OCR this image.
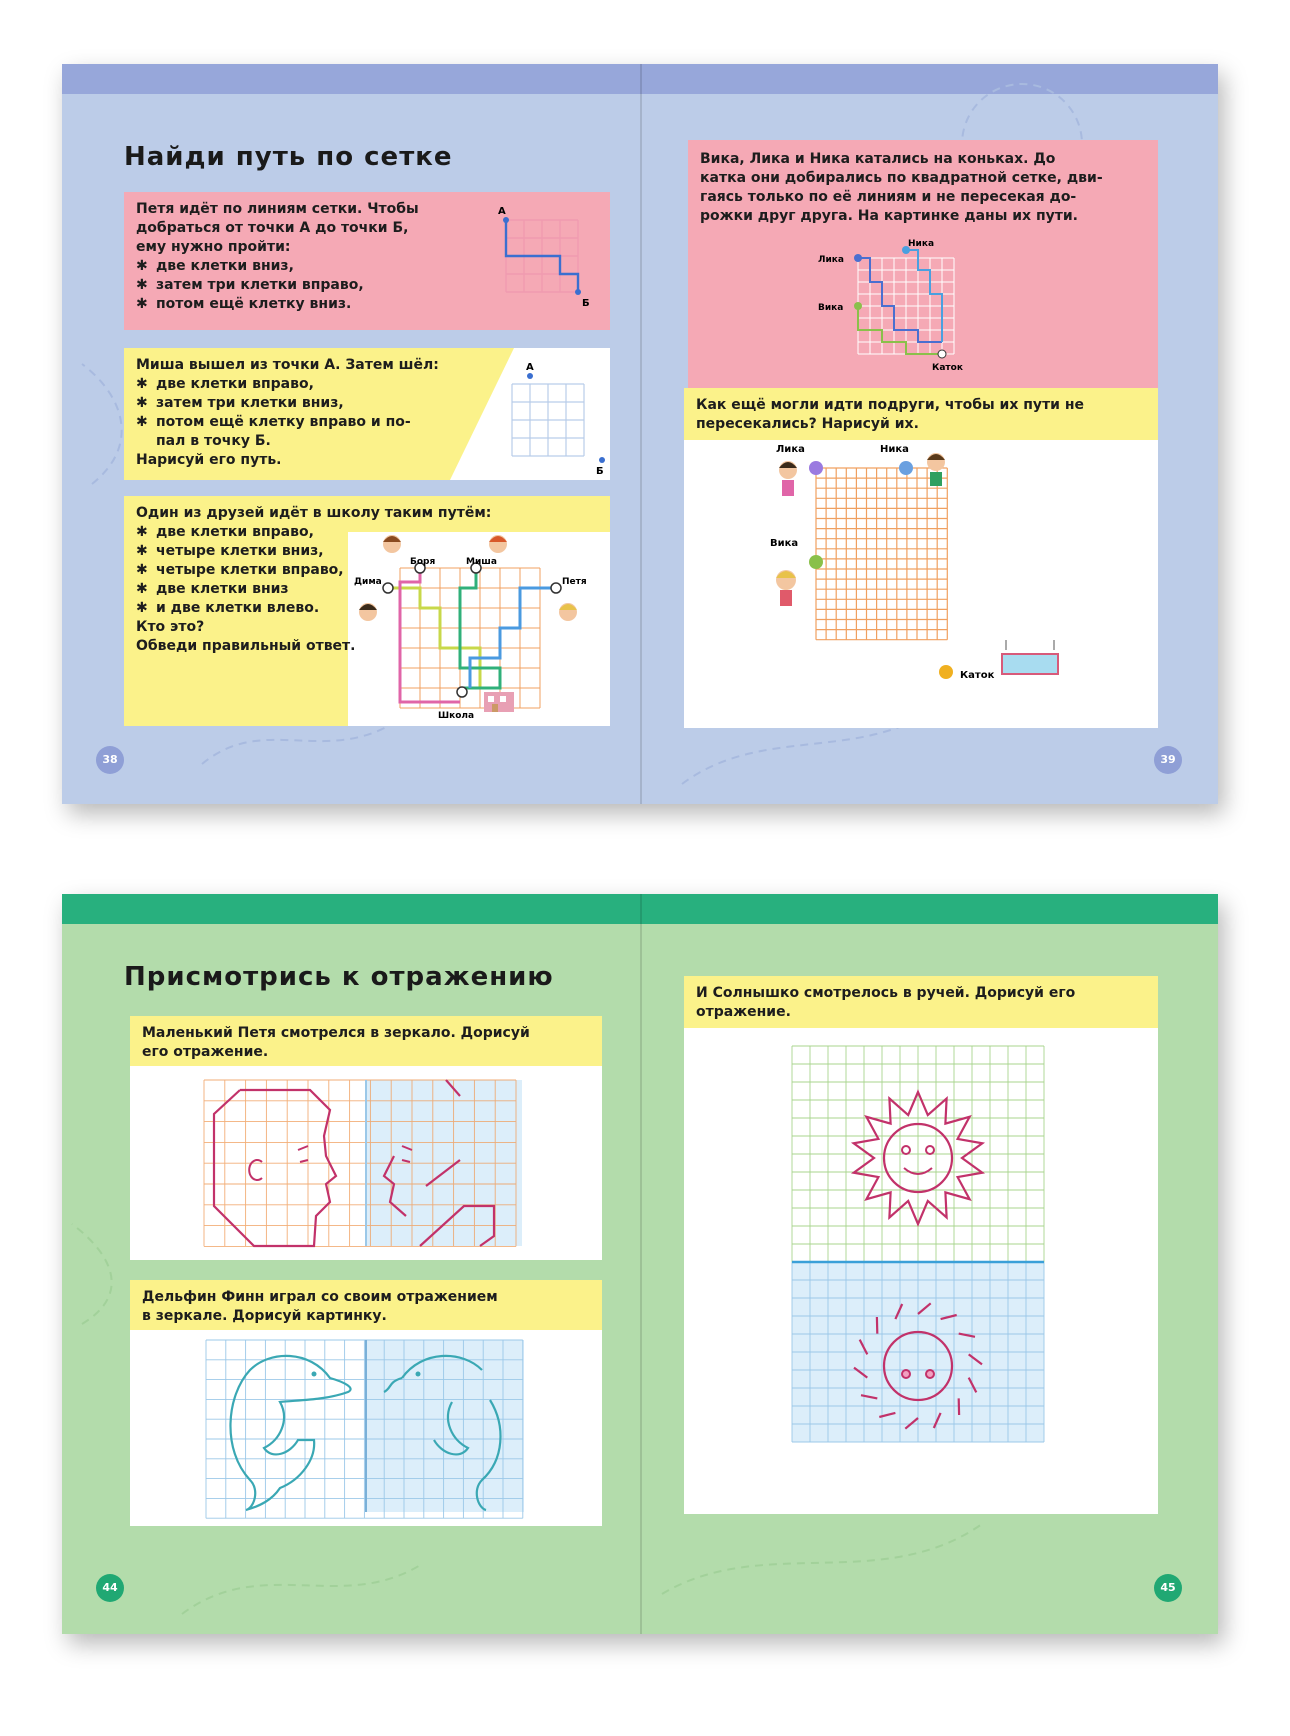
Найди путь по сетке
Петя идёт по линиям сетки. Чтобы
добраться от точки А до точки Б,
ему нужно пройти:
✱ две клетки вниз,
✱ затем три клетки вправо,
✱ потом ещё клетку вниз.
А
Б
Миша вышел из точки А. Затем шёл:
✱ две клетки вправо,
✱ затем три клетки вниз,
✱ потом ещё клетку вправо и по-
пал в точку Б.
Нарисуй его путь.
А
Б
Один из друзей идёт в школу таким путём:
✱ две клетки вправо,
✱ четыре клетки вниз,
✱ четыре клетки вправо,
✱ две клетки вниз
✱ и две клетки влево.
Кто это?
Обведи правильный ответ.
Боря	Миша
Дима	Петя
Школа
Вика, Лика и Ника катались на коньках. До
катка они добирались по квадратной сетке, дви-
гаясь только по её линиям и не пересекая до-
рожки друг друга. На картинке даны их пути.
Лика
Ника
Вика
Каток
Как ещё могли идти подруги, чтобы их пути не
пересекались? Нарисуй их.
Лика	Ника
Вика
Каток
38	39
Присмотрись к отражению
Маленький Петя смотрелся в зеркало. Дорисуй
его отражение.
Дельфин Финн играл со своим отражением
в зеркале. Дорисуй картинку.
И Солнышко смотрелось в ручей. Дорисуй его
отражение.
44	45
